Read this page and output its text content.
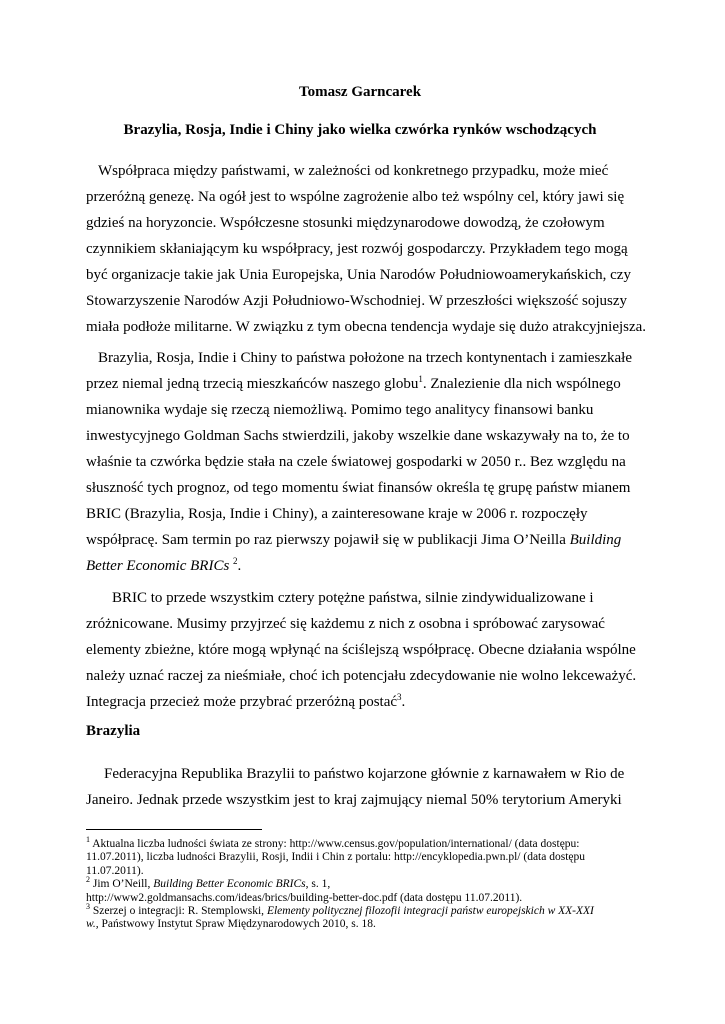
Tomasz Garncarek
Brazylia, Rosja, Indie i Chiny jako wielka czwórka rynków wschodzących
Współpraca między państwami, w zależności od konkretnego przypadku, może mieć
przeróżną genezę. Na ogół jest to wspólne zagrożenie albo też wspólny cel, który jawi się
gdzieś na horyzoncie. Współczesne stosunki międzynarodowe dowodzą, że czołowym
czynnikiem skłaniającym ku współpracy, jest rozwój gospodarczy. Przykładem tego mogą
być organizacje takie jak Unia Europejska, Unia Narodów Południowoamerykańskich, czy
Stowarzyszenie Narodów Azji Południowo-Wschodniej. W przeszłości większość sojuszy
miała podłoże militarne. W związku z tym obecna tendencja wydaje się dużo atrakcyjniejsza.
Brazylia, Rosja, Indie i Chiny to państwa położone na trzech kontynentach i zamieszkałe
przez niemal jedną trzecią mieszkańców naszego globu$^1$. Znalezienie dla nich wspólnego
mianownika wydaje się rzeczą niemożliwą. Pomimo tego analitycy finansowi banku
inwestycyjnego Goldman Sachs stwierdzili, jakoby wszelkie dane wskazywały na to, że to
właśnie ta czwórka będzie stała na czele światowej gospodarki w 2050 r.. Bez względu na
słuszność tych prognoz, od tego momentu świat finansów określa tę grupę państw mianem
BRIC (Brazylia, Rosja, Indie i Chiny), a zainteresowane kraje w 2006 r. rozpoczęły
współpracę. Sam termin po raz pierwszy pojawił się w publikacji Jima O’Neilla Building
Better Economic BRICs $^2$.
BRIC to przede wszystkim cztery potężne państwa, silnie zindywidualizowane i
zróżnicowane. Musimy przyjrzeć się każdemu z nich z osobna i spróbować zarysować
elementy zbieżne, które mogą wpłynąć na ściślejszą współpracę. Obecne działania wspólne
należy uznać raczej za nieśmiałe, choć ich potencjału zdecydowanie nie wolno lekceważyć.
Integracja przecież może przybrać przeróżną postać$^3$.
Brazylia
Federacyjna Republika Brazylii to państwo kojarzone głównie z karnawałem w Rio de
Janeiro. Jednak przede wszystkim jest to kraj zajmujący niemal 50% terytorium Ameryki
$^1$ Aktualna liczba ludności świata ze strony: http://www.census.gov/population/international/ (data dostępu:
11.07.2011), liczba ludności Brazylii, Rosji, Indii i Chin z portalu: http://encyklopedia.pwn.pl/ (data dostępu
11.07.2011).
$^2$ Jim O’Neill, Building Better Economic BRICs, s. 1,
http://www2.goldmansachs.com/ideas/brics/building-better-doc.pdf (data dostępu 11.07.2011).
$^3$ Szerzej o integracji: R. Stemplowski, Elementy politycznej filozofii integracji państw europejskich w XX-XXI
w., Państwowy Instytut Spraw Międzynarodowych 2010, s. 18.
